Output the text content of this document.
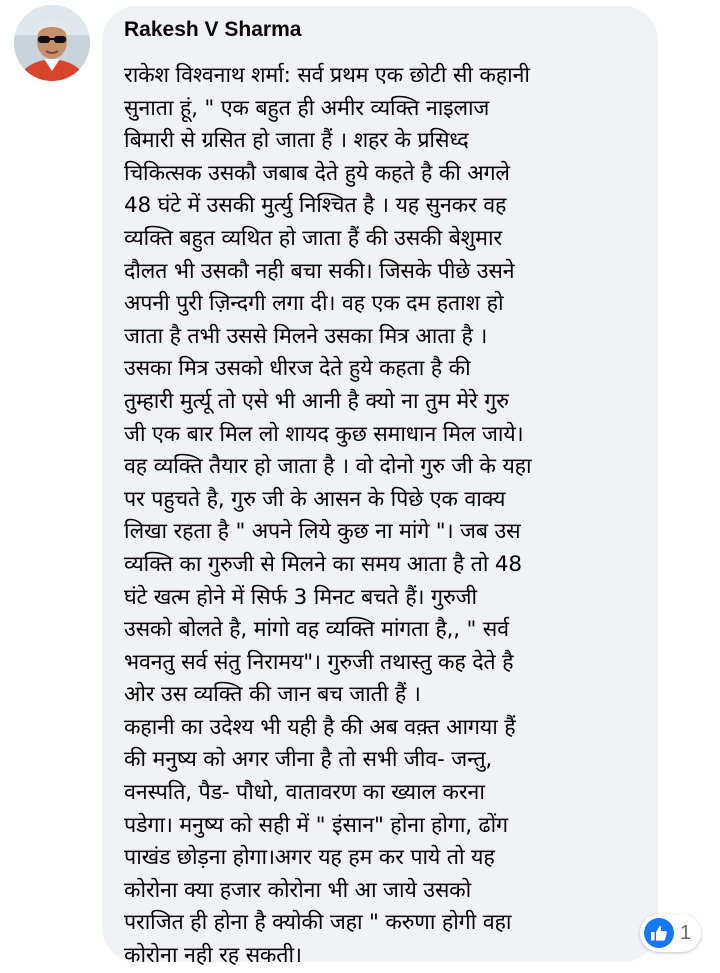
Rakesh V Sharma

राकेश विश्वनाथ शर्मा: सर्व प्रथम एक छोटी सी कहानी
सुनाता हूं, " एक बहुत ही अमीर व्यक्ति नाइलाज
बिमारी से ग्रसित हो जाता हैं । शहर के प्रसिध्द
चिकित्सक उसकौ जबाब देते हुये कहते है की अगले
48 घंटे में उसकी मुर्त्यु निश्चित है । यह सुनकर वह
व्यक्ति बहुत व्यथित हो जाता हैं की उसकी बेशुमार
दौलत भी उसकौ नही बचा सकी। जिसके पीछे उसने
अपनी पुरी ज़िन्दगी लगा दी। वह एक दम हताश हो
जाता है तभी उससे मिलने उसका मित्र आता है ।
उसका मित्र उसको धीरज देते हुये कहता है की
तुम्हारी मुर्त्यू तो एसे भी आनी है क्यो ना तुम मेरे गुरु
जी एक बार मिल लो शायद कुछ समाधान मिल जाये।
वह व्यक्ति तैयार हो जाता है । वो दोनो गुरु जी के यहा
पर पहुचते है, गुरु जी के आसन के पिछे एक वाक्य
लिखा रहता है " अपने लिये कुछ ना मांगे "। जब उस
व्यक्ति का गुरुजी से मिलने का समय आता है तो 48
घंटे खत्म होने में सिर्फ 3 मिनट बचते हैं। गुरुजी
उसको बोलते है, मांगो वह व्यक्ति मांगता है,, " सर्व
भवनतु सर्व संतु निरामय"। गुरुजी तथास्तु कह देते है
ओर उस व्यक्ति की जान बच जाती हैं ।
कहानी का उदेश्य भी यही है की अब वक़्त आगया हैं
की मनुष्य को अगर जीना है तो सभी जीव- जन्तु,
वनस्पति, पैड- पौधो, वातावरण का ख्याल करना
पडेगा। मनुष्य को सही में " इंसान" होना होगा, ढोंग
पाखंड छोड़ना होगा।अगर यह हम कर पाये तो यह
कोरोना क्या हजार कोरोना भी आ जाये उसको
पराजित ही होना है क्योकी जहा " करुणा होगी वहा
कोरोना नही रह सकती।

1
